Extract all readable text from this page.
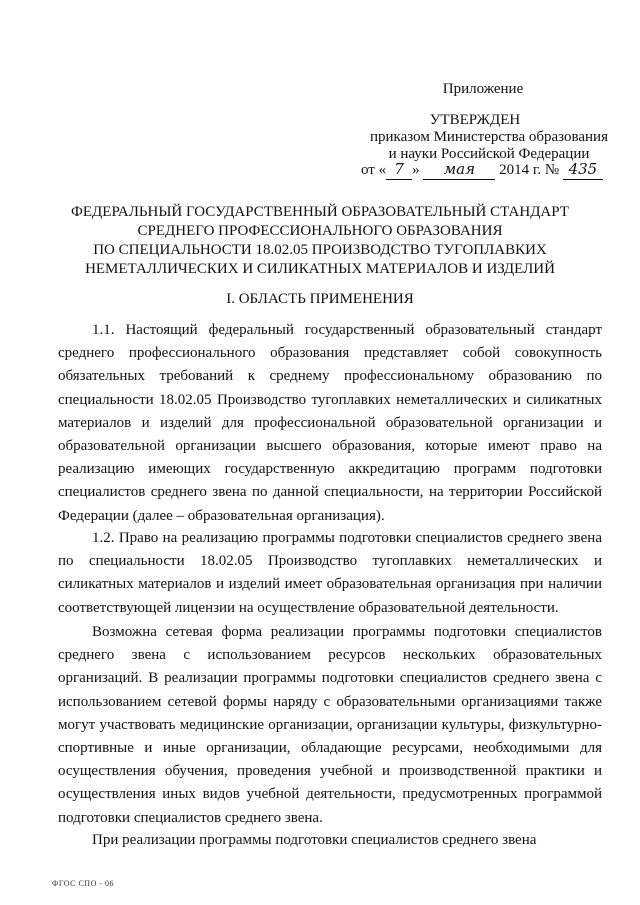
Приложение
УТВЕРЖДЕН
приказом Министерства образования
и науки Российской Федерации
от « 7 » мая 2014 г. № 435
ФЕДЕРАЛЬНЫЙ ГОСУДАРСТВЕННЫЙ ОБРАЗОВАТЕЛЬНЫЙ СТАНДАРТ
СРЕДНЕГО ПРОФЕССИОНАЛЬНОГО ОБРАЗОВАНИЯ
ПО СПЕЦИАЛЬНОСТИ 18.02.05 ПРОИЗВОДСТВО ТУГОПЛАВКИХ
НЕМЕТАЛЛИЧЕСКИХ И СИЛИКАТНЫХ МАТЕРИАЛОВ И ИЗДЕЛИЙ
I. ОБЛАСТЬ ПРИМЕНЕНИЯ
1.1. Настоящий федеральный государственный образовательный стандарт среднего профессионального образования представляет собой совокупность обязательных требований к среднему профессиональному образованию по специальности 18.02.05 Производство тугоплавких неметаллических и силикатных материалов и изделий для профессиональной образовательной организации и образовательной организации высшего образования, которые имеют право на реализацию имеющих государственную аккредитацию программ подготовки специалистов среднего звена по данной специальности, на территории Российской Федерации (далее – образовательная организация).
1.2. Право на реализацию программы подготовки специалистов среднего звена по специальности 18.02.05 Производство тугоплавких неметаллических и силикатных материалов и изделий имеет образовательная организация при наличии соответствующей лицензии на осуществление образовательной деятельности.
Возможна сетевая форма реализации программы подготовки специалистов среднего звена с использованием ресурсов нескольких образовательных организаций. В реализации программы подготовки специалистов среднего звена с использованием сетевой формы наряду с образовательными организациями также могут участвовать медицинские организации, организации культуры, физкультурно-спортивные и иные организации, обладающие ресурсами, необходимыми для осуществления обучения, проведения учебной и производственной практики и осуществления иных видов учебной деятельности, предусмотренных программой подготовки специалистов среднего звена.
При реализации программы подготовки специалистов среднего звена
ФГОС СПО - 06
